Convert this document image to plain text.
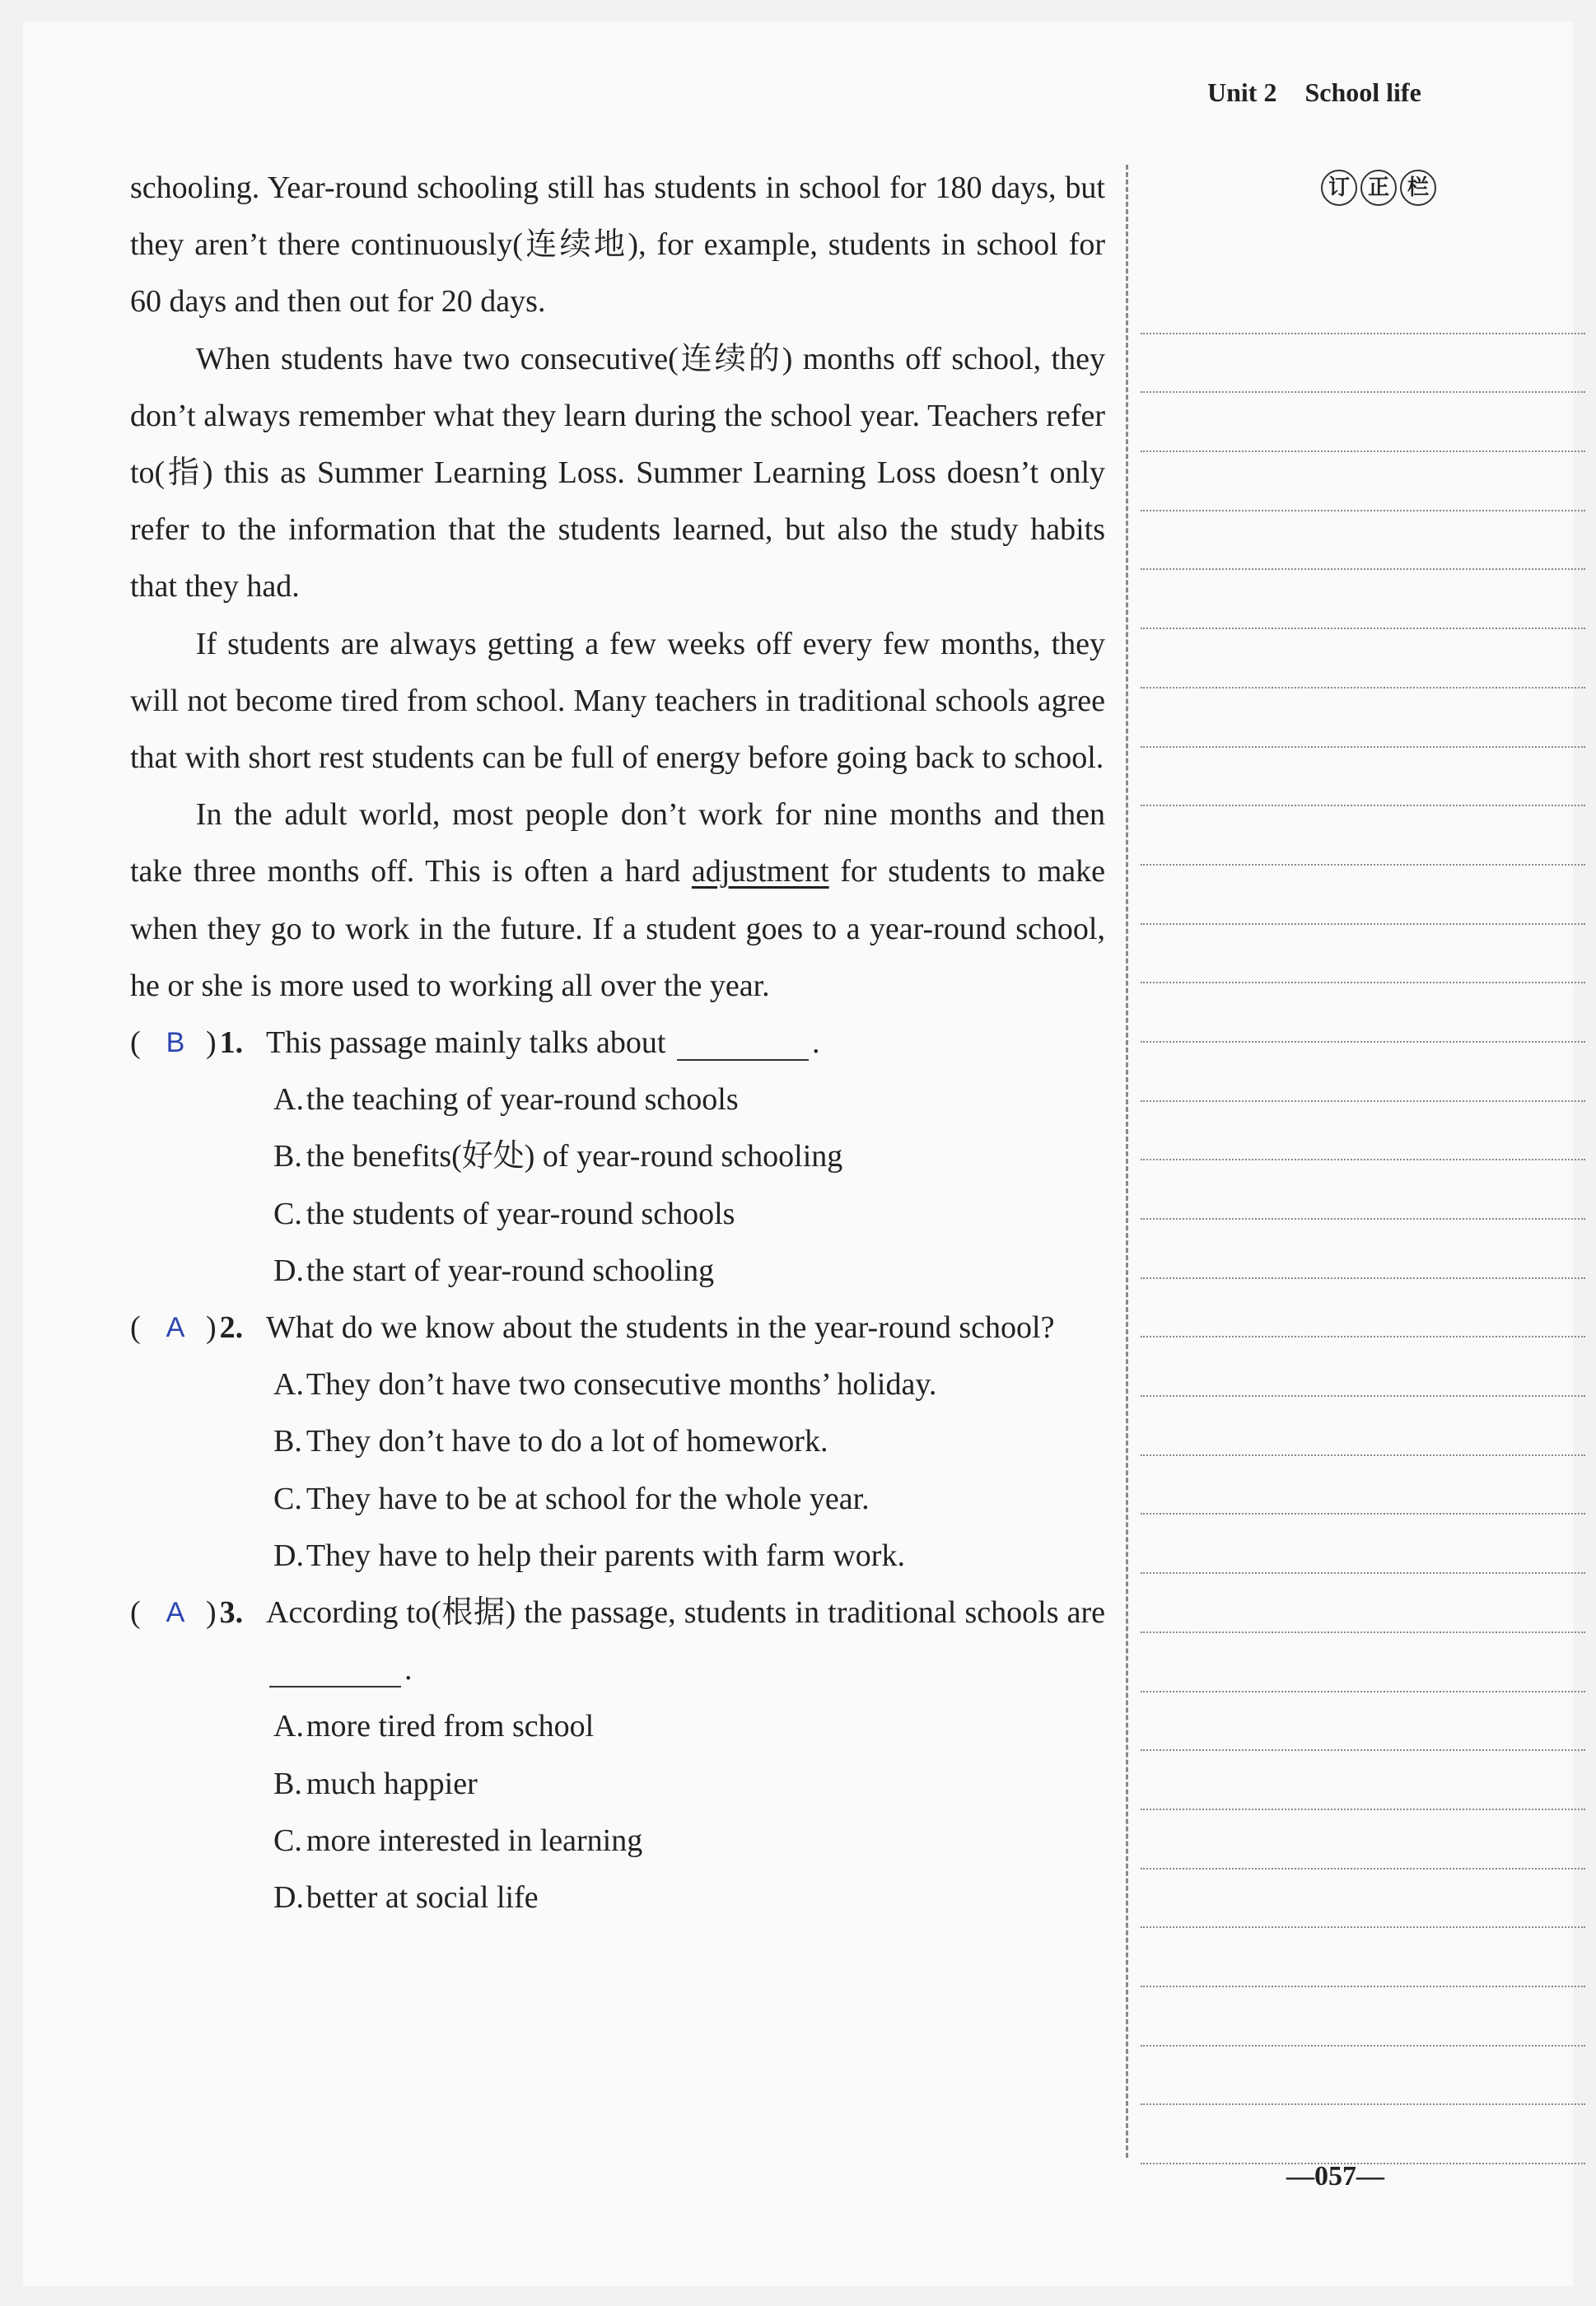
Unit 2 School life

schooling. Year-round schooling still has students in school for 180 days, but they aren’t there continuously(连续地), for example, students in school for 60 days and then out for 20 days.

When students have two consecutive(连续的) months off school, they don’t always remember what they learn during the school year. Teachers refer to(指) this as Summer Learning Loss. Summer Learning Loss doesn’t only refer to the information that the students learned, but also the study habits that they had.

If students are always getting a few weeks off every few months, they will not become tired from school. Many teachers in traditional schools agree that with short rest students can be full of energy before going back to school.

In the adult world, most people don’t work for nine months and then take three months off. This is often a hard adjustment for students to make when they go to work in the future. If a student goes to a year-round school, he or she is more used to working all over the year.

( B ) 1. This passage mainly talks about	.
A.the teaching of year-round schools
B. the benefits(好处) of year-round schooling
C. the students of year-round schools
D.the start of year-round schooling
( A ) 2. What do we know about the students in the year-round school?
A.They don’t have two consecutive months’ holiday.
B. They don’t have to do a lot of homework.
C. They have to be at school for the whole year.
D.They have to help their parents with farm work.
( A ) 3. According to(根据) the passage, students in traditional schools are .
A.more tired from school
B. much happier
C. more interested in learning
D.better at social life
订 正 栏
—057—
